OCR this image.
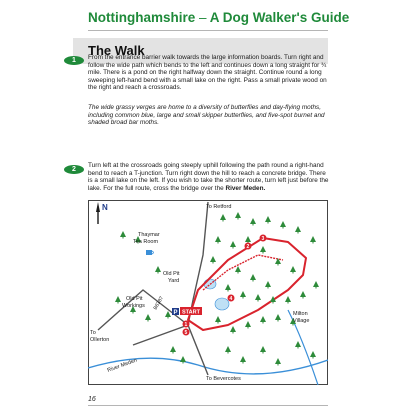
Nottinghamshire – A Dog Walker's Guide
The Walk
1	From the entrance barrier walk towards the large information boards. Turn right and follow the wide path which bends to the left and continues down a long straight for ¾ mile. There is a pond on the right halfway down the straight. Continue round a long sweeping left-hand bend with a small lake on the right. Pass a small private wood on the right and reach a crossroads.
The wide grassy verges are home to a diversity of butterflies and day-flying moths, including common blue, large and small skipper butterflies, and five-spot burnet and shaded broad bar moths.
2
Turn left at the crossroads going steeply uphill following the path round a right-hand bend to reach a T-junction. Turn right down the hill to reach a concrete bridge. There is a small lake on the left. If you wish to take the shorter route, turn left just before the lake. For the full route, cross the bridge over the River Meden.
N	To Retford
Thaymar
Tea Room
B6387
Old Pit
Yard
Old Pit
Workings
START
P
To
Ollerton
River Meden
Milton
Village
To Bevercotes
1
2
3
4
5
16
